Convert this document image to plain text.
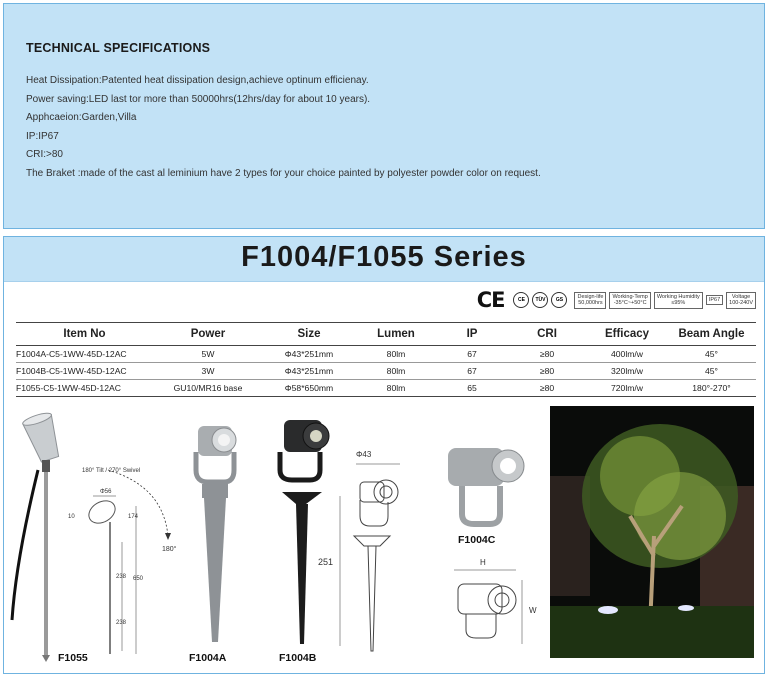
TECHNICAL SPECIFICATIONS
Heat Dissipation:Patented heat dissipation design,achieve optinum efficienay.
Power saving:LED last tor more than 50000hrs(12hrs/day for about 10 years).
Apphcaeion:Garden,Villa
IP:IP67
CRI:>80
The Braket :made of the cast al leminium have 2 types for your choice painted by polyester powder color on request.
F1004/F1055 Series
CE	CE	TÜV	GS
Design-life
50,000hrs
Working-Temp
-35°C~+50°C
Working Humidity
≤95%
IP67
Voltage
100-240V
Item No	Power	Size	Lumen	IP	CRI	Efficacy	Beam Angle
F1004A-C5-1WW-45D-12AC	5W	Φ43*251mm	80lm	67	≥80	400lm/w	45°
F1004B-C5-1WW-45D-12AC	3W	Φ43*251mm	80lm	67	≥80	320lm/w	45°
F1055-C5-1WW-45D-12AC	GU10/MR16 base	Φ58*650mm	80lm	65	≥80	720lm/w	180°-270°
180° Tilt / 270° Swivel
180°
Φ56
10	174
238 650
238
F1055	F1004A	F1004B
Φ43
251
F1004C
H
W
